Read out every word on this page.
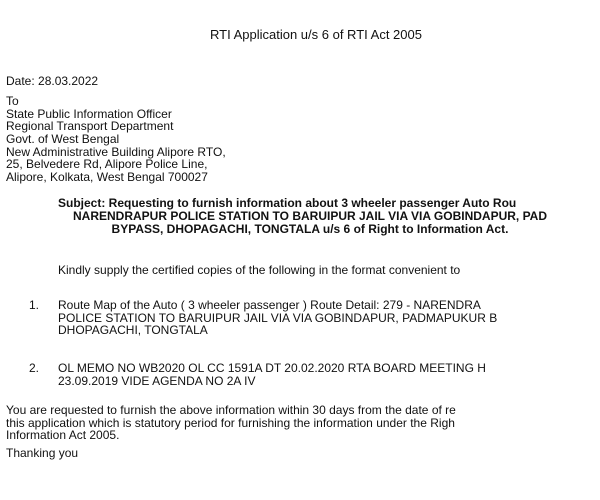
RTI Application u/s 6 of RTI Act 2005
Date: 28.03.2022
To
State Public Information Officer
Regional Transport Department
Govt. of West Bengal
New Administrative Building Alipore RTO,
25, Belvedere Rd, Alipore Police Line,
Alipore, Kolkata, West Bengal 700027
Subject: Requesting to furnish information about 3 wheeler passenger Auto Rou
NARENDRAPUR POLICE STATION TO BARUIPUR JAIL VIA VIA GOBINDAPUR, PAD
BYPASS, DHOPAGACHI, TONGTALA u/s 6 of Right to Information Act.
Kindly supply the certified copies of the following in the format convenient to
1. Route Map of the Auto ( 3 wheeler passenger ) Route Detail: 279 - NARENDRA
POLICE STATION TO BARUIPUR JAIL VIA VIA GOBINDAPUR, PADMAPUKUR B
DHOPAGACHI, TONGTALA
2. OL MEMO NO WB2020 OL CC 1591A DT 20.02.2020 RTA BOARD MEETING H
23.09.2019 VIDE AGENDA NO 2A IV
You are requested to furnish the above information within 30 days from the date of re
this application which is statutory period for furnishing the information under the Righ
Information Act 2005.
Thanking you
